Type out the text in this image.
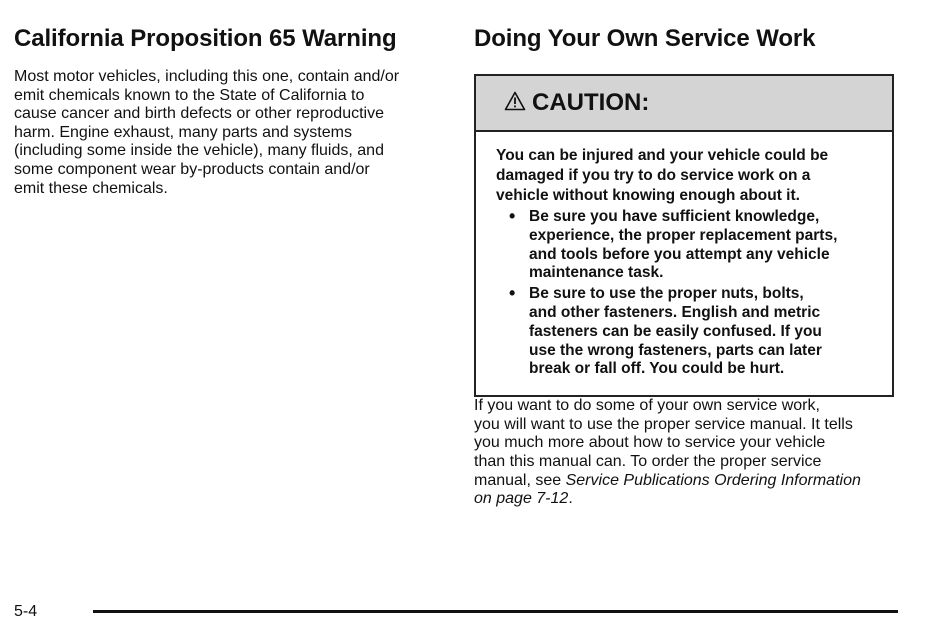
California Proposition 65 Warning

Most motor vehicles, including this one, contain and/or
emit chemicals known to the State of California to
cause cancer and birth defects or other reproductive
harm. Engine exhaust, many parts and systems
(including some inside the vehicle), many fluids, and
some component wear by-products contain and/or
emit these chemicals.

Doing Your Own Service Work
CAUTION:

You can be injured and your vehicle could be
damaged if you try to do service work on a
vehicle without knowing enough about it.

• Be sure you have sufficient knowledge,
experience, the proper replacement parts,
and tools before you attempt any vehicle
maintenance task.
• Be sure to use the proper nuts, bolts,
and other fasteners. English and metric
fasteners can be easily confused. If you
use the wrong fasteners, parts can later
break or fall off. You could be hurt.

If you want to do some of your own service work,
you will want to use the proper service manual. It tells
you much more about how to service your vehicle
than this manual can. To order the proper service
manual, see Service Publications Ordering Information
on page 7-12.

5-4
